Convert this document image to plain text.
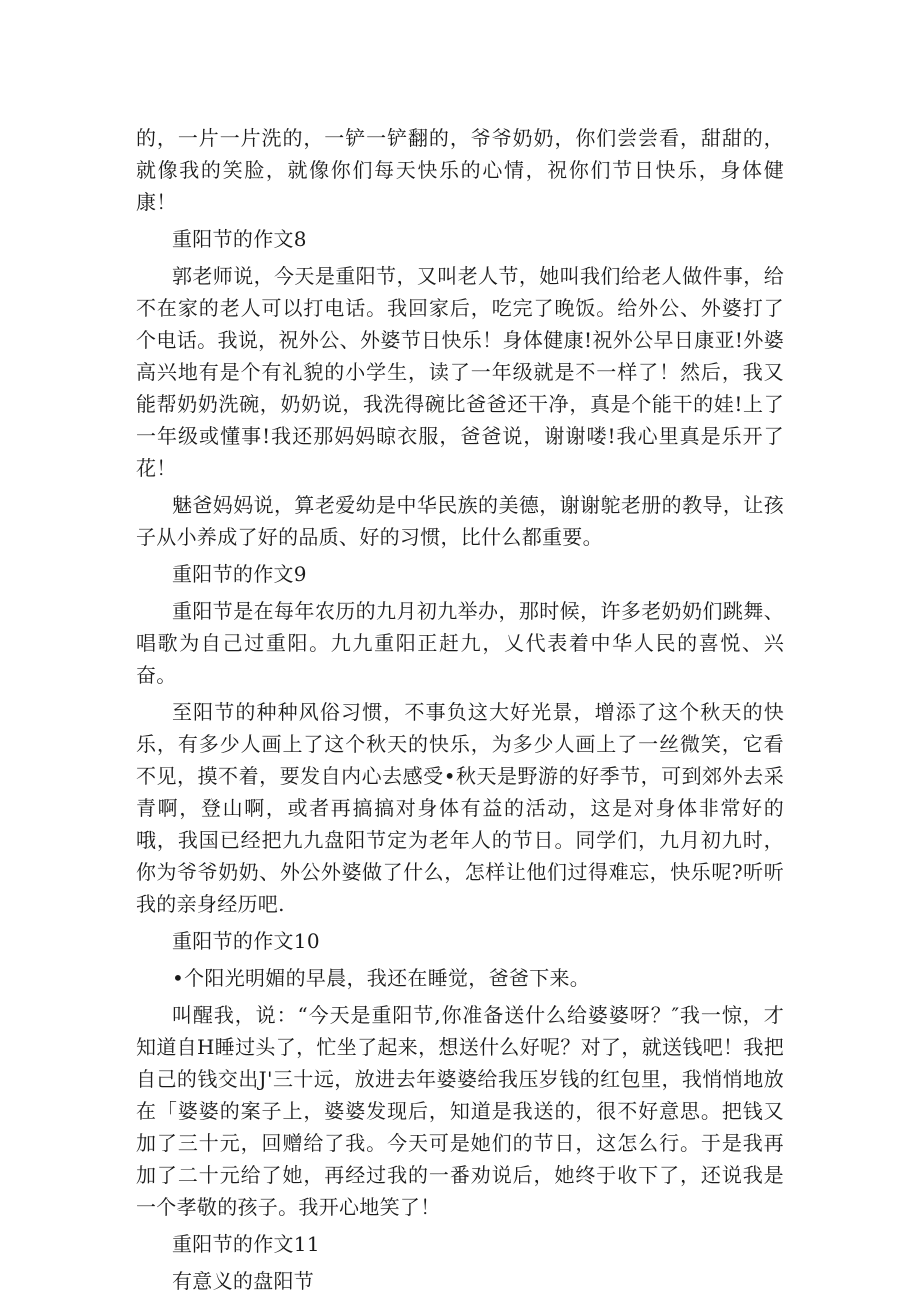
的，一片一片洗的，一铲一铲翻的，爷爷奶奶，你们尝尝看，甜甜的，就像我的笑脸，就像你们每天快乐的心情，祝你们节日快乐，身体健康！

重阳节的作文8

郭老师说，今天是重阳节，又叫老人节，她叫我们给老人做件事，给不在家的老人可以打电话。我回家后，吃完了晚饭。给外公、外婆打了个电话。我说，祝外公、外婆节日快乐！身体健康!祝外公早日康亚!外婆高兴地有是个有礼貌的小学生，读了一年级就是不一样了！然后，我又能帮奶奶洗碗，奶奶说，我洗得碗比爸爸还干净，真是个能干的娃!上了一年级或懂事!我还那妈妈晾衣服，爸爸说，谢谢喽!我心里真是乐开了花！

魅爸妈妈说，算老爱幼是中华民族的美德，谢谢鸵老册的教导，让孩子从小养成了好的品质、好的习惯，比什么都重要。

重阳节的作文9

重阳节是在每年农历的九月初九举办，那时候，许多老奶奶们跳舞、唱歌为自己过重阳。九九重阳正赶九，乂代表着中华人民的喜悦、兴奋。

至阳节的种种风俗习惯，不事负这大好光景，增添了这个秋天的快乐，有多少人画上了这个秋天的快乐，为多少人画上了一丝微笑，它看不见，摸不着，要发自内心去感受•秋天是野游的好季节，可到郊外去采青啊，登山啊，或者再搞搞对身体有益的活动，这是对身体非常好的哦，我国已经把九九盘阳节定为老年人的节日。同学们，九月初九时，你为爷爷奶奶、外公外婆做了什么，怎样让他们过得难忘，快乐呢?听听我的亲身经历吧.

重阳节的作文10

•个阳光明媚的早晨，我还在睡觉，爸爸下来。

叫醒我，说：“今天是重阳节,你准备送什么给婆婆呀？″我一惊，才知道自H睡过头了，忙坐了起来，想送什么好呢？对了，就送钱吧！我把自己的钱交出J'三十远，放进去年婆婆给我压岁钱的红包里，我悄悄地放在「婆婆的案子上，婆婆发现后，知道是我送的，很不好意思。把钱又加了三十元，回赠给了我。今天可是她们的节日，这怎么行。于是我再加了二十元给了她，再经过我的一番劝说后，她终于收下了，还说我是一个孝敬的孩子。我开心地笑了！

重阳节的作文11

有意义的盘阳节
